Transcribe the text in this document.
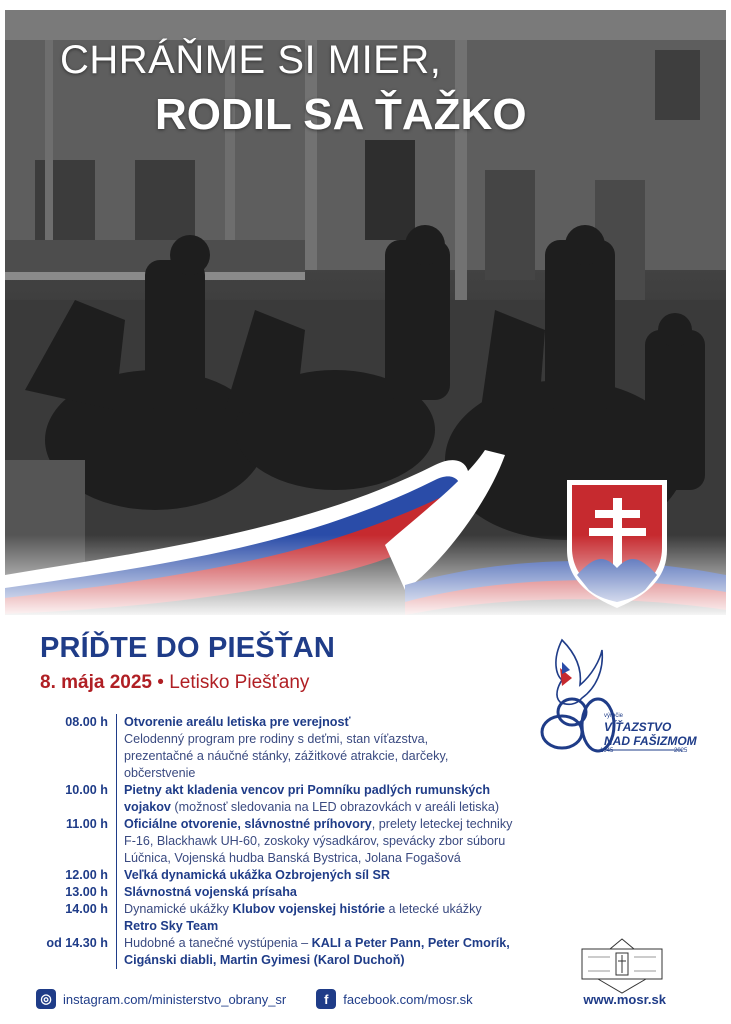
CHRÁŇME SI MIER,
RODIL SA ŤAŽKO
PRÍĎTE DO PIEŠŤAN
8. mája 2025 • Letisko Piešťany
08.00 h	Otvorenie areálu letiska pre verejnosť
Celodenný program pre rodiny s deťmi, stan víťazstva,
prezentačné a náučné stánky, zážitkové atrakcie, darčeky,
občerstvenie
10.00 h	Pietny akt kladenia vencov pri Pomníku padlých rumunských
vojakov (možnosť sledovania na LED obrazovkách v areáli letiska)
11.00 h	Oficiálne otvorenie, slávnostné príhovory, prelety leteckej techniky
F-16, Blackhawk UH-60, zoskoky výsadkárov, spevácky zbor súboru
Lúčnica, Vojenská hudba Banská Bystrica, Jolana Fogašová
12.00 h	Veľká dynamická ukážka Ozbrojených síl SR
13.00 h	Slávnostná vojenská prísaha
14.00 h	Dynamické ukážky Klubov vojenskej histórie a letecké ukážky
Retro Sky Team
od 14.30 h	Hudobné a tanečné vystúpenia – KALI a Peter Pann, Peter Cmorík,
Cigánski diabli, Martin Gyimesi (Karol Duchoň)
výročie
VÍŤAZSTVO
NAD FAŠIZMOM
1945	2025
◎ instagram.com/ministerstvo_obrany_sr	f	facebook.com/mosr.sk	www.mosr.sk
